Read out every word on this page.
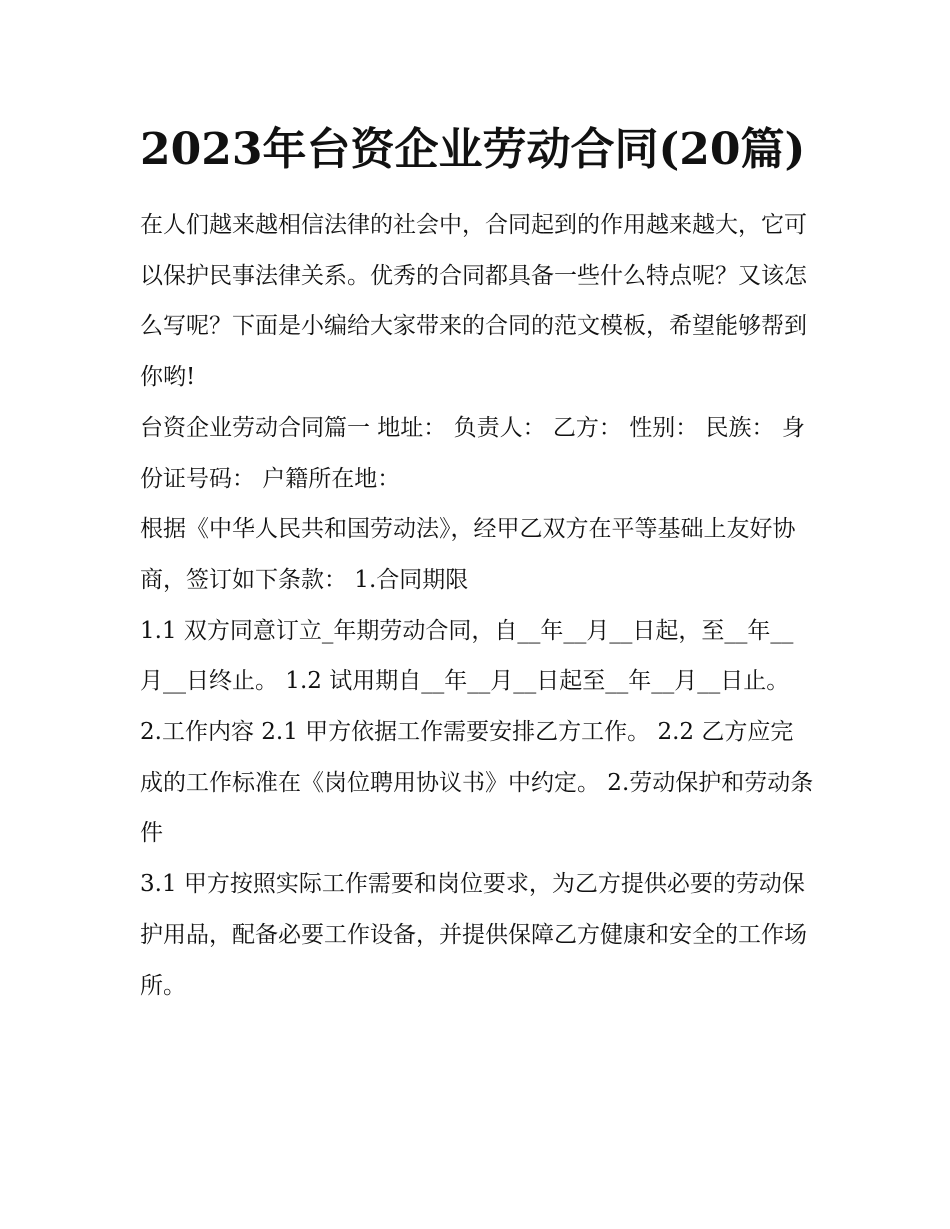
2023年台资企业劳动合同(20篇)

在人们越来越相信法律的社会中，合同起到的作用越来越大，它可以保护民事法律关系。优秀的合同都具备一些什么特点呢？又该怎么写呢？下面是小编给大家带来的合同的范文模板，希望能够帮到你哟!

台资企业劳动合同篇一 地址： 负责人： 乙方： 性别： 民族： 身份证号码： 户籍所在地：

根据《中华人民共和国劳动法》，经甲乙双方在平等基础上友好协商，签订如下条款： 1.合同期限

1.1 双方同意订立_年期劳动合同，自__年__月__日起，至__年__月__日终止。 1.2 试用期自__年__月__日起至__年__月__日止。

2.工作内容 2.1 甲方依据工作需要安排乙方工作。 2.2 乙方应完成的工作标准在《岗位聘用协议书》中约定。 2.劳动保护和劳动条件

3.1 甲方按照实际工作需要和岗位要求，为乙方提供必要的劳动保护用品，配备必要工作设备，并提供保障乙方健康和安全的工作场所。
